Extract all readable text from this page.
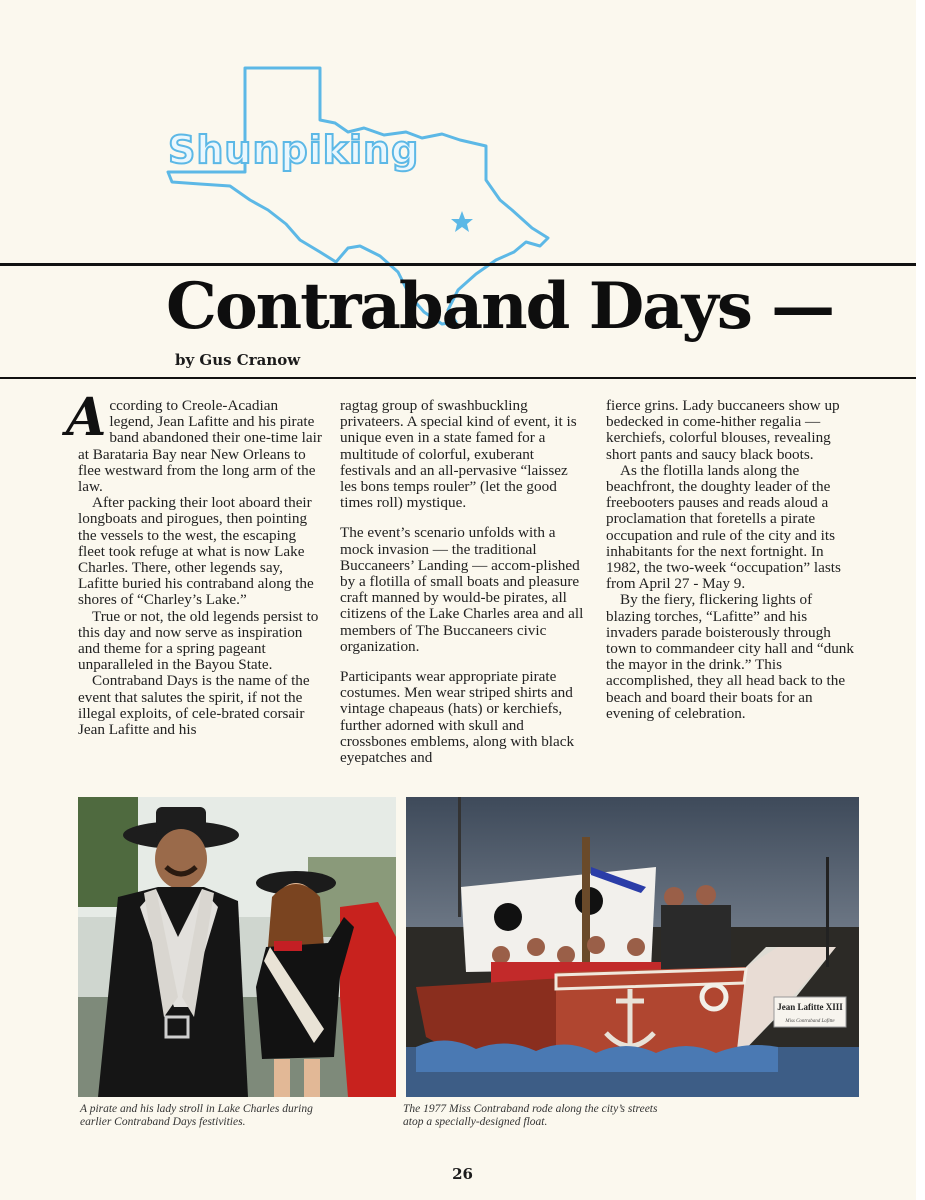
Shunpiking
Contraband Days —
by Gus Cranow

According to Creole-Acadian legend, Jean Lafitte and his pirate band abandoned their one-time lair at Barataria Bay near New Orleans to flee westward from the long arm of the law.

After packing their loot aboard their longboats and pirogues, then pointing the vessels to the west, the escaping fleet took refuge at what is now Lake Charles. There, other legends say, Lafitte buried his contraband along the shores of “Charley’s Lake.”

True or not, the old legends persist to this day and now serve as inspiration and theme for a spring pageant unparalleled in the Bayou State.

Contraband Days is the name of the event that salutes the spirit, if not the illegal exploits, of cele-brated corsair Jean Lafitte and his

ragtag group of swashbuckling privateers. A special kind of event, it is unique even in a state famed for a multitude of colorful, exuberant festivals and an all-pervasive “laissez les bons temps rouler” (let the good times roll) mystique.

The event’s scenario unfolds with a mock invasion — the traditional Buccaneers’ Landing — accom-plished by a flotilla of small boats and pleasure craft manned by would-be pirates, all citizens of the Lake Charles area and all members of The Buccaneers civic organization.

Participants wear appropriate pirate costumes. Men wear striped shirts and vintage chapeaus (hats) or kerchiefs, further adorned with skull and crossbones emblems, along with black eyepatches and

fierce grins. Lady buccaneers show up bedecked in come-hither regalia — kerchiefs, colorful blouses, revealing short pants and saucy black boots.

As the flotilla lands along the beachfront, the doughty leader of the freebooters pauses and reads aloud a proclamation that foretells a pirate occupation and rule of the city and its inhabitants for the next fortnight. In 1982, the two-week “occupation” lasts from April 27 - May 9.

By the fiery, flickering lights of blazing torches, “Lafitte” and his invaders parade boisterously through town to commandeer city hall and “dunk the mayor in the drink.” This accomplished, they all head back to the beach and board their boats for an evening of celebration.

Jean Lafitte XIII
Miss Contraband Lafitte
A pirate and his lady stroll in Lake Charles during earlier Contraband Days festivities.
The 1977 Miss Contraband rode along the city’s streets atop a specially-designed float.
26
